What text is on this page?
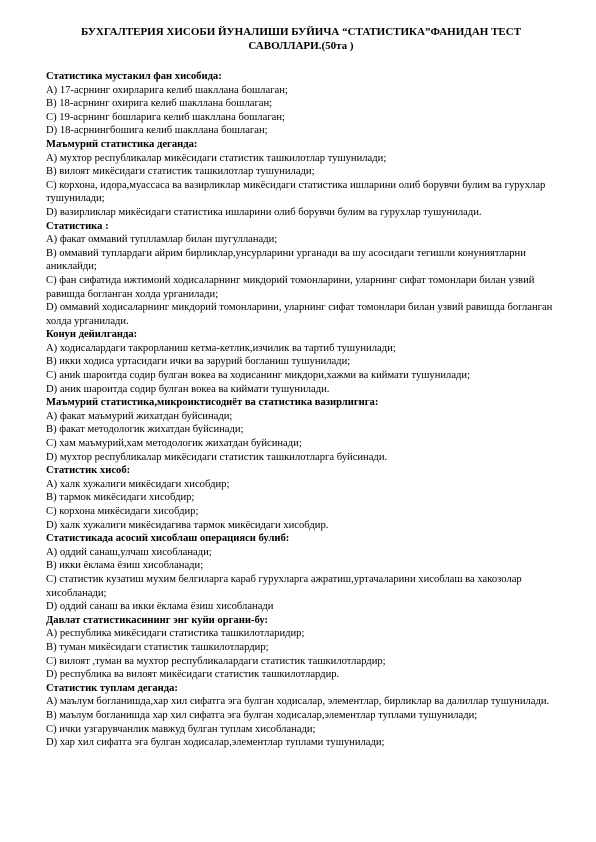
БУХГАЛТЕРИЯ ХИСОБИ ЙУНАЛИШИ БУЙИЧА “СТАТИСТИКА”ФАНИДАН ТЕСТ
САВОЛЛАРИ.(50та )

Статистика мустакил фан хисобида:

А) 17-асрнинг охирларига келиб шаклланa бошлаган;

В) 18-асрнинг охирига келиб шакллана бошлаган;

С) 19-асрнинг бошларига келиб шакллана бошлаган;

D) 18-асрнингбошига келиб шакллана бошлаган;

Маъмурий статистика деганда:

А) мухтор республикалар микёсидаги статистик ташкилотлар тушунилади;

В) вилоят микёсидаги статистик ташкилотлар тушунилади;

С) корхона, идора,муассаса ва вазирликлар микёсидаги статистика ишларини олиб борувчи булим ва гурухлар тушунилади;

D) вазирликлар микёсидаги статистика ишларини олиб борувчи булим ва гурухлар тушунилади.

Статистика :

А) факат оммавий туплламлар билан шугулланади;

В) оммавий туплардаги айрим бирликлар,унсурларини урганади ва шу асосидаги тегишли конуниятларни аниклайди;

С) фан сифатида ижтимоий ходисаларнинг микдорий томонларини, уларнинг сифат томонлари билан узвий равишда богланган холда урганилади;

D) оммавий ходисаларнинг микдорий томонларини, уларнинг сифат томонлари билан узвий равишда богланган холда урганилади.

Конун дейилганда:

А) ходисалардаги такрорланиш кетма-кетлик,изчилик ва тартиб тушунилади;

В) икки ходиса уртасидаги ички ва зарурий богланиш тушунилади;

С) аниk шароитда содир булган вокеа ва ходисанинг микдори,хажми ва киймати тушунилади;

D) аник шароитда содир булган вокеа ва киймати тушунилади.

Маъмурий статистика,микроиктисодиёт ва статистика вазирлигига:

А) факат маъмурий жихатдан буйсинади;

В) факат методологик жихатдан буйсинади;

С) хам маъмурий,хам методологик жихатдан буйсинади;

D) мухтор республикалар микёсидаги статистик ташкилотларга буйсинади.

Статистик хисоб:

А) халк хужалиги микёсидаги хисобдир;

В) тармок микёсидаги хисобдир;

С) корхона микёсидаги хисобдир;

D) халк хужалиги микёсидагива тармок микёсидаги хисобдир.

Статистикада асосий хисоблаш операцияси булиб:

А) оддий санаш,улчаш хисобланади;

В) икки ёклама ёзиш хисобланади;

С) статистик кузатиш мухим белгиларга караб гурухларга ажратиш,уртачаларини хисоблаш ва хакозолар хисобланади;

D) оддий санаш ва икки ёклама ёзиш хисобланади

Давлат статистикасининг энг куйи органи-бу:

А) республика микёсидаги статистика ташкилотларидир;

В) туман микёсидаги статистик ташкилотлардир;

С) вилоят ,туман ва мухтор республикалардаги статистик ташкилотлардир;

D) республика ва вилоят микёсидаги статистик ташкилотлардир.

Статистик туплам деганда:

А) маълум богланишда,хар хил сифатга эга булган ходисалар, элементлар, бирликлар ва далиллар тушунилади.

В) маълум богланишда хар хил сифатга эга булган ходисалар,элементлар туплами тушунилади;

С) ички узгарувчанлик мавжуд булган туплам хисобланади;

D) хар хил сифатга эга булган ходисалар,элементлар туплами тушунилади;
